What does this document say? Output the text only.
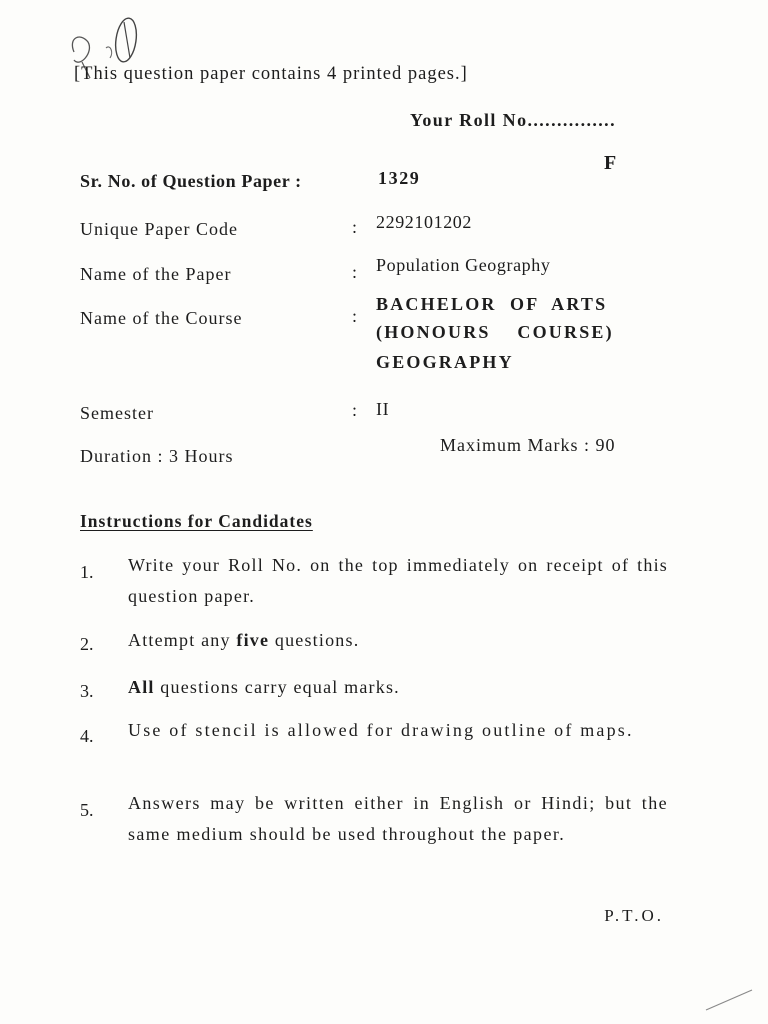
[This question paper contains 4 printed pages.]
Your Roll No...............
F
Sr. No. of Question Paper :	1329
Unique Paper Code	: 2292101202
Name of the Paper	: Population Geography
Name of the Course	:
BACHELOR  OF  ARTS
(HONOURS    COURSE)
GEOGRAPHY
Semester	: II
Duration : 3 Hours
Maximum Marks : 90
Instructions for Candidates
1. Write your Roll No. on the top immediately on receipt of this question paper.
2. Attempt any five questions.
3. All questions carry equal marks.
4. Use of stencil is allowed for drawing outline of maps.
5. Answers may be written either in English or Hindi; but the same medium should be used throughout the paper.
P.T.O.
